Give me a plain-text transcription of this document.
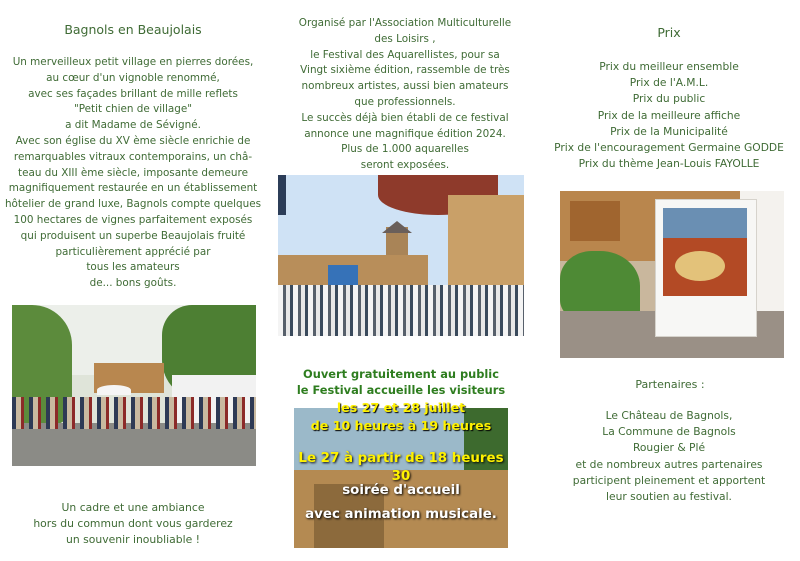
Bagnols en Beaujolais
Un merveilleux petit village en pierres dorées,
au cœur d'un vignoble renommé,
avec ses façades brillant de mille reflets
"Petit chien de village"
a dit Madame de Sévigné.
Avec son église du XV ème siècle enrichie de
remarquables vitraux contemporains, un châ-
teau du XIII ème siècle, imposante demeure
magnifiquement restaurée en un établissement
hôtelier de grand luxe, Bagnols compte quelques
100 hectares de vignes parfaitement exposés
qui produisent un superbe Beaujolais fruité
particulièrement apprécié par
tous les amateurs
de... bons goûts.
Un cadre et une ambiance
hors du commun dont vous garderez
un souvenir inoubliable !
Organisé par l'Association Multiculturelle
des Loisirs ,
le Festival des Aquarellistes, pour sa
Vingt sixième édition, rassemble de très
nombreux artistes, aussi bien amateurs
que professionnels.
Le succès déjà bien établi de ce festival
annonce une magnifique édition 2024.
Plus de 1.000 aquarelles
seront exposées.
Ouvert gratuitement au public
le Festival accueille les visiteurs
les 27 et 28 juillet
de 10 heures à 19 heures
Le 27 à partir de 18 heures 30
soirée d'accueil
avec animation musicale.
Prix
Prix du meilleur ensemble
Prix de l'A.M.L.
Prix du public
Prix de la meilleure affiche
Prix de la Municipalité
Prix de l'encouragement Germaine GODDE
Prix du thème Jean-Louis FAYOLLE
Partenaires :
Le Château de Bagnols,
La Commune de Bagnols
Rougier & Plé
et de nombreux autres partenaires
participent pleinement et apportent
leur soutien au festival.
